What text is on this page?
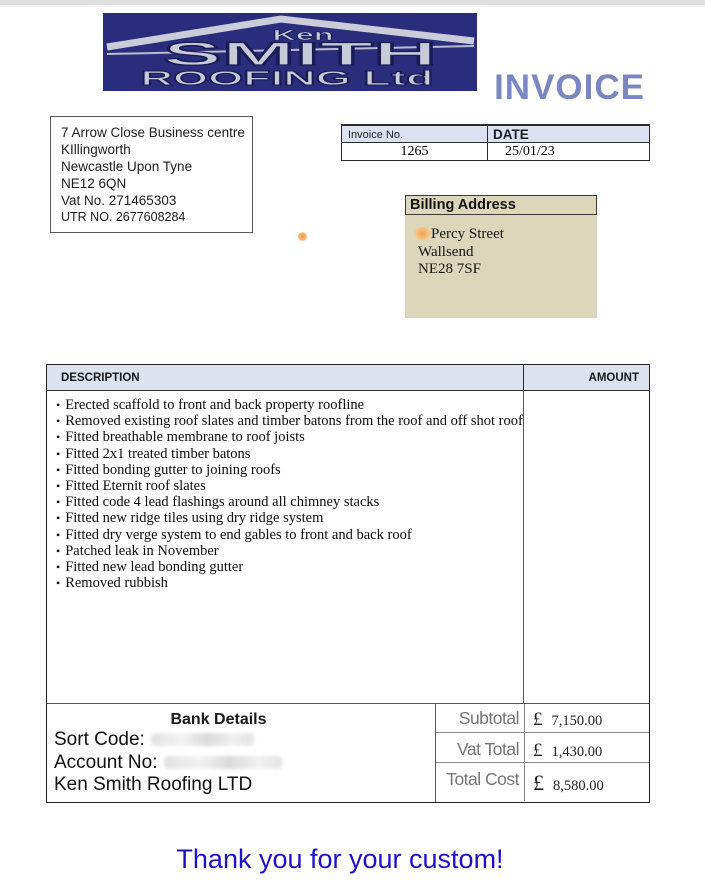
Ken
SMITH
ROOFING Ltd	INVOICE
7 Arrow Close Business centre
KIllingworth
Newcastle Upon Tyne
NE12 6QN
Vat No. 271465303
UTR NO. 2677608284
Invoice No.	DATE
1265	25/01/23
Billing Address
Percy Street
Wallsend
NE28 7SF
DESCRIPTION	AMOUNT
• Erected scaffold to front and back property roofline
• Removed existing roof slates and timber batons from the roof and off shot roof
• Fitted breathable membrane to roof joists
• Fitted 2x1 treated timber batons
• Fitted bonding gutter to joining roofs
• Fitted Eternit roof slates
• Fitted code 4 lead flashings around all chimney stacks
• Fitted new ridge tiles using dry ridge system
• Fitted dry verge system to end gables to front and back roof
• Patched leak in November
• Fitted new lead bonding gutter
• Removed rubbish
Bank Details
Sort Code:
Account No:
Ken Smith Roofing LTD
Subtotal £ 7,150.00
Vat Total £ 1,430.00
Total Cost £ 8,580.00
Thank you for your custom!
